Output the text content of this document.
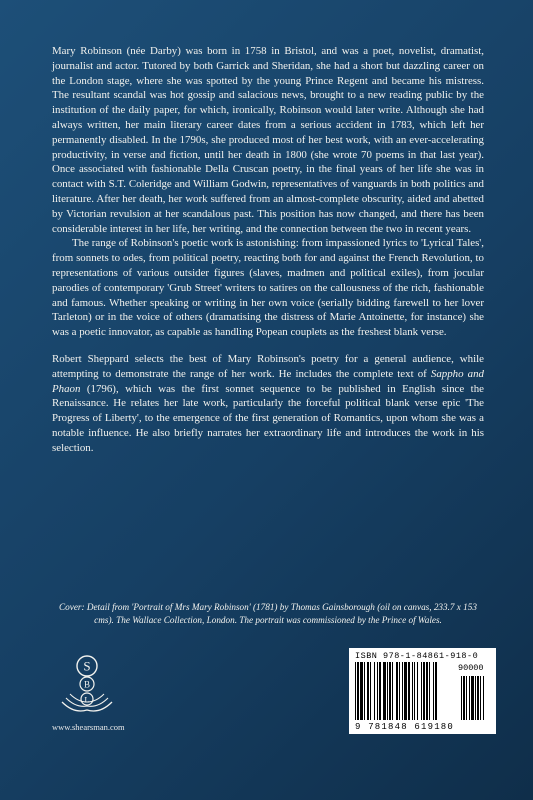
Mary Robinson (née Darby) was born in 1758 in Bristol, and was a poet, novelist, dramatist, journalist and actor. Tutored by both Garrick and Sheridan, she had a short but dazzling career on the London stage, where she was spotted by the young Prince Regent and became his mistress. The resultant scandal was hot gossip and salacious news, brought to a new reading public by the institution of the daily paper, for which, ironically, Robinson would later write. Although she had always written, her main literary career dates from a serious accident in 1783, which left her permanently disabled. In the 1790s, she produced most of her best work, with an ever-accelerating productivity, in verse and fiction, until her death in 1800 (she wrote 70 poems in that last year). Once associated with fashionable Della Cruscan poetry, in the final years of her life she was in contact with S.T. Coleridge and William Godwin, representatives of vanguards in both politics and literature. After her death, her work suffered from an almost-complete obscurity, aided and abetted by Victorian revulsion at her scandalous past. This position has now changed, and there has been considerable interest in her life, her writing, and the connection between the two in recent years.

The range of Robinson's poetic work is astonishing: from impassioned lyrics to 'Lyrical Tales', from sonnets to odes, from political poetry, reacting both for and against the French Revolution, to representations of various outsider figures (slaves, madmen and political exiles), from jocular parodies of contemporary 'Grub Street' writers to satires on the callousness of the rich, fashionable and famous. Whether speaking or writing in her own voice (serially bidding farewell to her lover Tarleton) or in the voice of others (dramatising the distress of Marie Antoinette, for instance) she was a poetic innovator, as capable as handling Popean couplets as the freshest blank verse.

Robert Sheppard selects the best of Mary Robinson's poetry for a general audience, while attempting to demonstrate the range of her work. He includes the complete text of Sappho and Phaon (1796), which was the first sonnet sequence to be published in English since the Renaissance. He relates her late work, particularly the forceful political blank verse epic 'The Progress of Liberty', to the emergence of the first generation of Romantics, upon whom she was a notable influence. He also briefly narrates her extraordinary life and introduces the work in his selection.

Cover: Detail from 'Portrait of Mrs Mary Robinson' (1781) by Thomas Gainsborough (oil on canvas, 233.7 x 153 cms). The Wallace Collection, London. The portrait was commissioned by the Prince of Wales.
S
B
L
www.shearsman.com
ISBN 978-1-84861-918-0
9 781848 619180
90000
